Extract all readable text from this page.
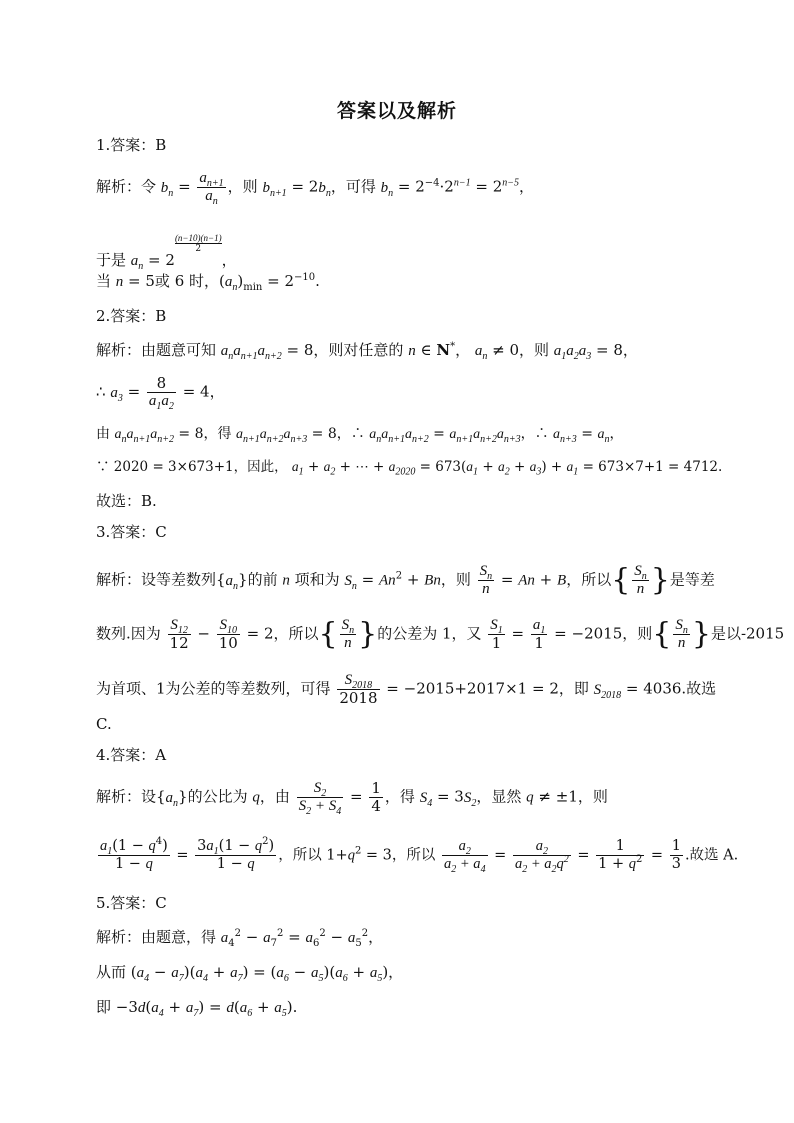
答案以及解析
1.答案：B
解析：令 $b_n = \frac{a_{n+1}}{a_n}$ ，则 $b_{n+1} = 2b_n$，可得 $b_n = 2^{-4}\cdot 2^{n-1} = 2^{n-5}$，
于是 $a_n = 2$
$\frac{(n-10)(n-1)}{2}$
，
当 n = 5或 6 时，$(a_n)_{min} = 2^{-10}$.
2.答案：B
解析：由题意可知 $a_na_{n+1}a_{n+2} = 8$，则对任意的 n ∈ N*， $a_n \ne 0$，则 $a_1a_2a_3 = 8$，
∴ $a_3 = \frac{8}{a_1a_2} = 4$，
由 $a_na_{n+1}a_{n+2} = 8$，得 $a_{n+1}a_{n+2}a_{n+3} = 8$，∴ $a_na_{n+1}a_{n+2} = a_{n+1}a_{n+2}a_{n+3}$，∴ $a_{n+3} = a_n$，
∵ 2020 = 3×673+1，因此， $a_1 + a_2$ + ⋯ + $a_{2020} = 673(a_1 + a_2 + a_3) + a_1 = 673\times 7+1 = 4712$.
故选：B.
3.答案：C
解析：设等差数列$\{a_n\}$的前 n 项和为 $S_n = An^2 + Bn$，则 $\frac{S_n}{n} = An + B$，所以{ $\frac{S_n}{n}$ }是等差
数列.因为 $\frac{S_{12}}{12} - \frac{S_{10}}{10} = 2$，所以{ $\frac{S_n}{n}$ }的公差为 1，又 $\frac{S_1}{1} = \frac{a_1}{1} = -2015$，则{ $\frac{S_n}{n}$ }是以-2015
为首项、1为公差的等差数列，可得 $\frac{S_{2018}}{2018} = -2015+2017\times 1 = 2$，即 $S_{2018} = 4036$.故选
C.
4.答案：A
解析：设$\{a_n\}$的公比为 q，由 $\frac{S_2}{S_2 + S_4} = \frac{1}{4}$ ，得 $S_4 = 3S_2$，显然 q ≠ ±1，则
$\frac{a_1(1 - q^4)}{1 - q} = \frac{3a_1(1 - q^2)}{1 - q}$ ，所以 $1+q^2 = 3$，所以 $\frac{a_2}{a_2 + a_4} = \frac{a_2}{a_2 + a_2q^2} = \frac{1}{1 + q^2} = \frac{1}{3}$ .故选 A.
5.答案：C
解析：由题意，得 $a_4^2 - a_7^2 = a_6^2 - a_5^2$，
从而 $(a_4 - a_7)(a_4 + a_7) = (a_6 - a_5)(a_6 + a_5)$，
即 $-3d(a_4 + a_7) = d(a_6 + a_5)$.
